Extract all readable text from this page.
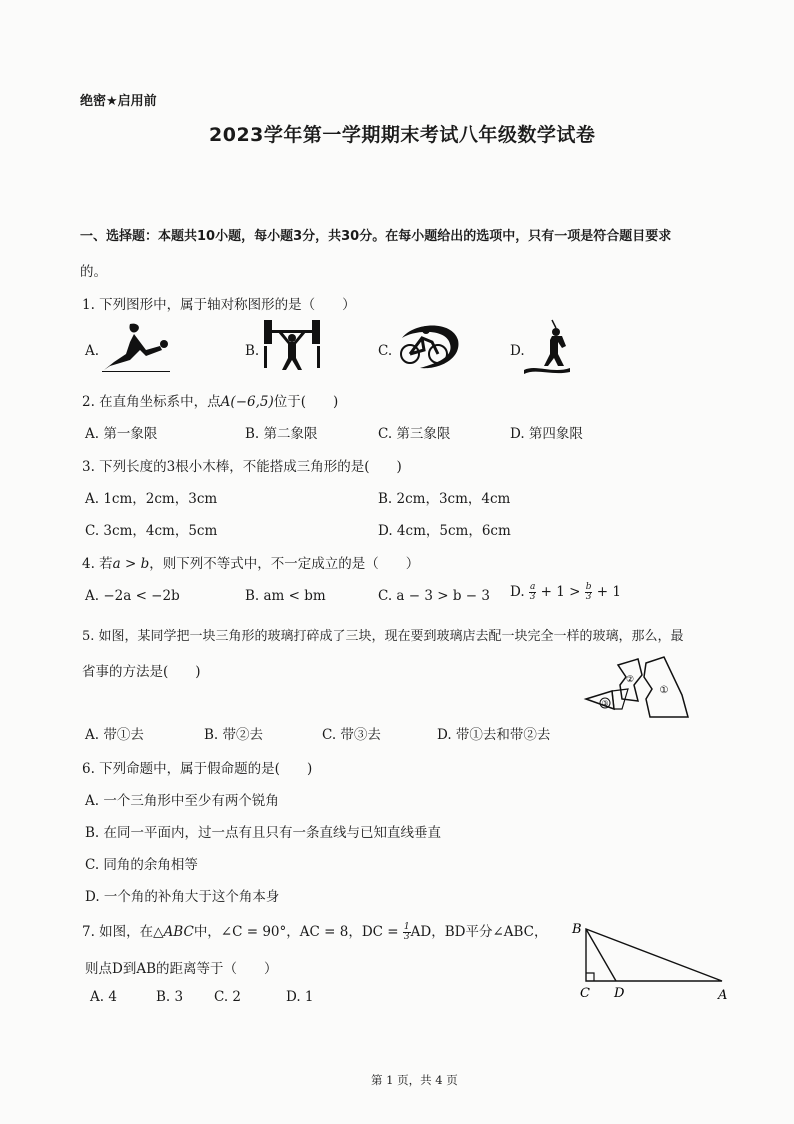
绝密★启用前
2023学年第一学期期末考试八年级数学试卷
一、选择题：本题共10小题，每小题3分，共30分。在每小题给出的选项中，只有一项是符合题目要求
的。
1. 下列图形中，属于轴对称图形的是（　　）
A.	B.	C.	D.
2. 在直角坐标系中，点A(−6,5)位于(　　)
A. 第一象限	B. 第二象限	C. 第三象限	D. 第四象限
3. 下列长度的3根小木棒，不能搭成三角形的是(　　)
A. 1cm，2cm，3cm	B. 2cm，3cm，4cm
C. 3cm，4cm，5cm	D. 4cm，5cm，6cm
4. 若a > b，则下列不等式中，不一定成立的是（　　）
A. −2a < −2b	B. am < bm	C. a − 3 > b − 3 D. $\frac{a}{3} + 1 > \frac{b}{3} + 1$
5. 如图，某同学把一块三角形的玻璃打碎成了三块，现在要到玻璃店去配一块完全一样的玻璃，那么，最
省事的方法是(　　)
③
②
①
A. 带①去	B. 带②去	C. 带③去	D. 带①去和带②去
6. 下列命题中，属于假命题的是(　　)
A. 一个三角形中至少有两个锐角
B. 在同一平面内，过一点有且只有一条直线与已知直线垂直
C. 同角的余角相等
D. 一个角的补角大于这个角本身
7. 如图，在△ABC中，∠C = 90°，AC = 8，DC = $\frac{1}{3}$ AD，BD平分∠ABC，
则点D到AB的距离等于（　　）
A. 4	B. 3 C. 2	D. 1
B
C D	A
第 1 页，共 4 页
